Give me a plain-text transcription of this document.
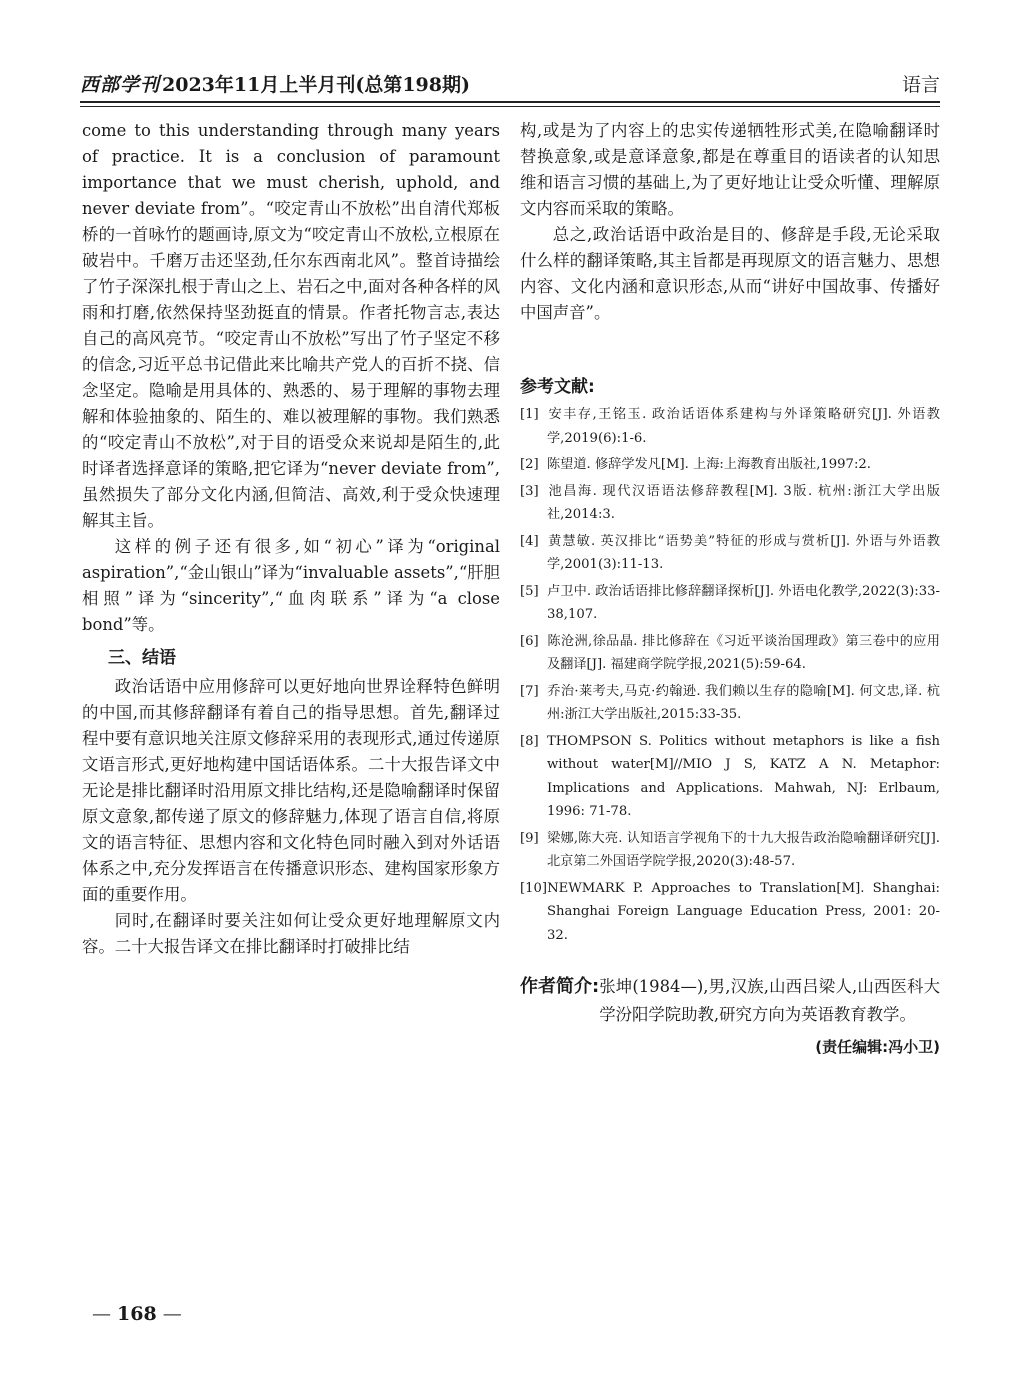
西部学刊 2023年11月上半月刊(总第198期)	语言

come to this understanding through many years of practice. It is a conclusion of paramount importance that we must cherish, uphold, and never deviate from”。“咬定青山不放松”出自清代郑板桥的一首咏竹的题画诗,原文为“咬定青山不放松,立根原在破岩中。千磨万击还坚劲,任尔东西南北风”。整首诗描绘了竹子深深扎根于青山之上、岩石之中,面对各种各样的风雨和打磨,依然保持坚劲挺直的情景。作者托物言志,表达自己的高风亮节。“咬定青山不放松”写出了竹子坚定不移的信念,习近平总书记借此来比喻共产党人的百折不挠、信念坚定。隐喻是用具体的、熟悉的、易于理解的事物去理解和体验抽象的、陌生的、难以被理解的事物。我们熟悉的“咬定青山不放松”,对于目的语受众来说却是陌生的,此时译者选择意译的策略,把它译为“never deviate from”,虽然损失了部分文化内涵,但简洁、高效,利于受众快速理解其主旨。

这样的例子还有很多,如“初心”译为“original aspiration”,“金山银山”译为“invaluable assets”,“肝胆相照”译为“sincerity”,“血肉联系”译为“a close bond”等。

三、结语

政治话语中应用修辞可以更好地向世界诠释特色鲜明的中国,而其修辞翻译有着自己的指导思想。首先,翻译过程中要有意识地关注原文修辞采用的表现形式,通过传递原文语言形式,更好地构建中国话语体系。二十大报告译文中无论是排比翻译时沿用原文排比结构,还是隐喻翻译时保留原文意象,都传递了原文的修辞魅力,体现了语言自信,将原文的语言特征、思想内容和文化特色同时融入到对外话语体系之中,充分发挥语言在传播意识形态、建构国家形象方面的重要作用。

同时,在翻译时要关注如何让受众更好地理解原文内容。二十大报告译文在排比翻译时打破排比结

构,或是为了内容上的忠实传递牺牲形式美,在隐喻翻译时替换意象,或是意译意象,都是在尊重目的语读者的认知思维和语言习惯的基础上,为了更好地让让受众听懂、理解原文内容而采取的策略。

总之,政治话语中政治是目的、修辞是手段,无论采取什么样的翻译策略,其主旨都是再现原文的语言魅力、思想内容、文化内涵和意识形态,从而“讲好中国故事、传播好中国声音”。

参考文献:
[1] 安丰存,王铭玉. 政治话语体系建构与外译策略研究[J]. 外语教学,2019(6):1-6.
[2] 陈望道. 修辞学发凡[M]. 上海:上海教育出版社,1997:2.
[3] 池昌海. 现代汉语语法修辞教程[M]. 3版. 杭州:浙江大学出版社,2014:3.
[4] 黄慧敏. 英汉排比“语势美”特征的形成与赏析[J]. 外语与外语教学,2001(3):11-13.
[5] 卢卫中. 政治话语排比修辞翻译探析[J]. 外语电化教学,2022(3):33-38,107.
[6] 陈沧洲,徐品晶. 排比修辞在《习近平谈治国理政》第三卷中的应用及翻译[J]. 福建商学院学报,2021(5):59-64.
[7] 乔治·莱考夫,马克·约翰逊. 我们赖以生存的隐喻[M]. 何文忠,译. 杭州:浙江大学出版社,2015:33-35.
[8] THOMPSON S. Politics without metaphors is like a fish without water[M]//MIO J S, KATZ A N. Metaphor: Implications and Applications. Mahwah, NJ: Erlbaum, 1996: 71-78.
[9] 梁娜,陈大亮. 认知语言学视角下的十九大报告政治隐喻翻译研究[J]. 北京第二外国语学院学报,2020(3):48-57.
[10]NEWMARK P. Approaches to Translation[M]. Shanghai: Shanghai Foreign Language Education Press, 2001: 20-32.
作者简介: 张坤(1984—),男,汉族,山西吕梁人,山西医科大学汾阳学院助教,研究方向为英语教育教学。
(责任编辑:冯小卫)
— 168 —
